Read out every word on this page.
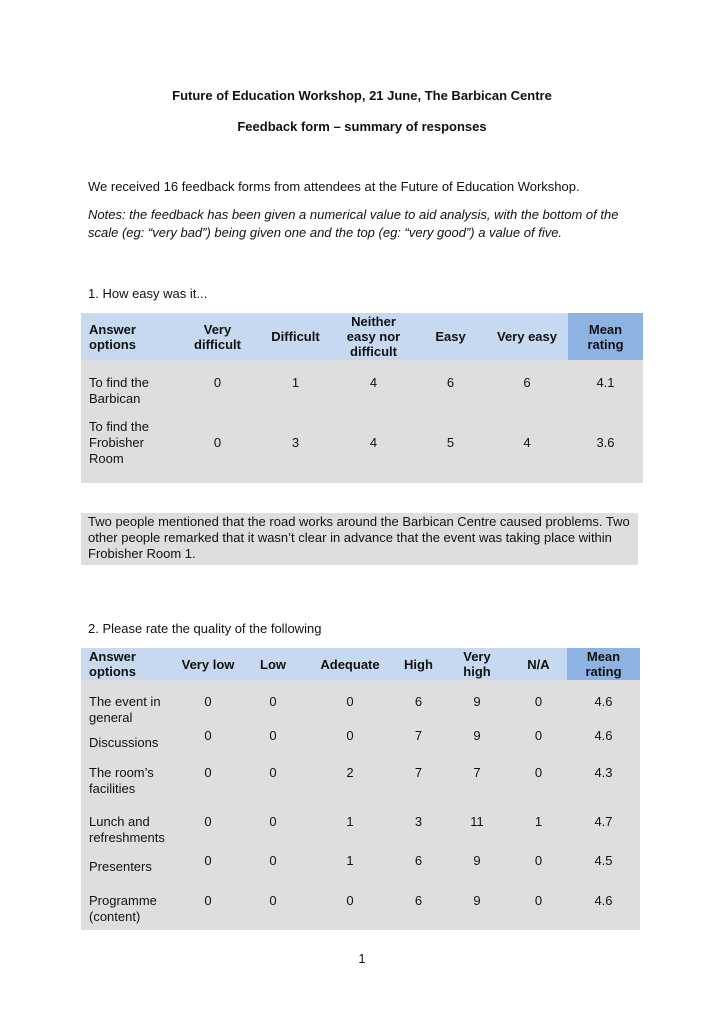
Future of Education Workshop, 21 June, The Barbican Centre
Feedback form – summary of responses
We received 16 feedback forms from attendees at the Future of Education Workshop.
Notes: the feedback has been given a numerical value to aid analysis, with the bottom of the scale (eg: “very bad”) being given one and the top (eg: “very good”) a value of five.
1. How easy was it...
Answer options	Very difficult	Difficult	Neither easy nor difficult	Easy	Very easy	Mean rating
To find the Barbican	0	1	4	6	6	4.1
To find the Frobisher Room	0	3	4	5	4	3.6
Two people mentioned that the road works around the Barbican Centre caused problems. Two other people remarked that it wasn’t clear in advance that the event was taking place within Frobisher Room 1.
2. Please rate the quality of the following
Answer options	Very low	Low	Adequate	High	Very high	N/A	Mean rating
The event in general	0	0	0	6	9	0	4.6
Discussions	0	0	0	7	9	0	4.6
The room’s facilities	0	0	2	7	7	0	4.3
Lunch and refreshments	0	0	1	3	11	1	4.7
Presenters	0	0	1	6	9	0	4.5
Programme (content)	0	0	0	6	9	0	4.6
1
